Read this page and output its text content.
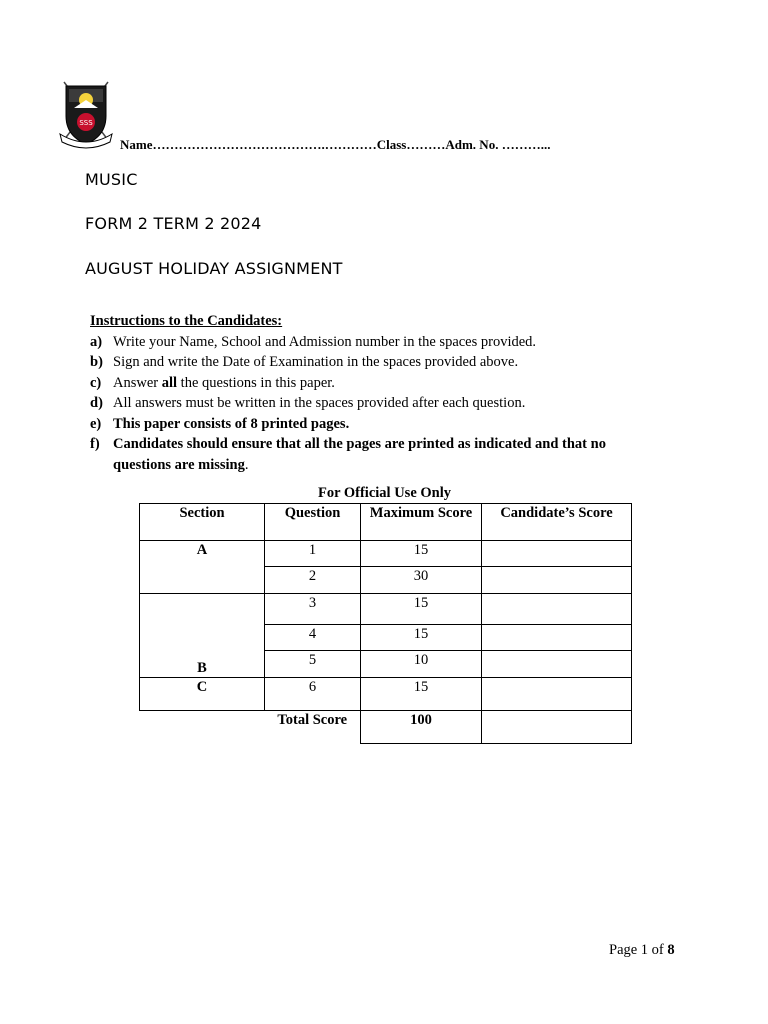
SSS
Name………………………………….…………Class………Adm. No. ………...
MUSIC
FORM 2 TERM 2 2024
AUGUST HOLIDAY ASSIGNMENT
Instructions to the Candidates:
a) Write your Name, School and Admission number in the spaces provided.
b) Sign and write the Date of Examination in the spaces provided above.
c) Answer all the questions in this paper.
d) All answers must be written in the spaces provided after each question.
e) This paper consists of 8 printed pages.
f) Candidates should ensure that all the pages are printed as indicated and that no questions are missing.
For Official Use Only
Section	Question	Maximum Score	Candidate’s Score
A	1	15	
	2	30	
B	3	15	
	4	15	
	5	10	
C	6	15	
	Total Score	100	
Page 1 of 8
